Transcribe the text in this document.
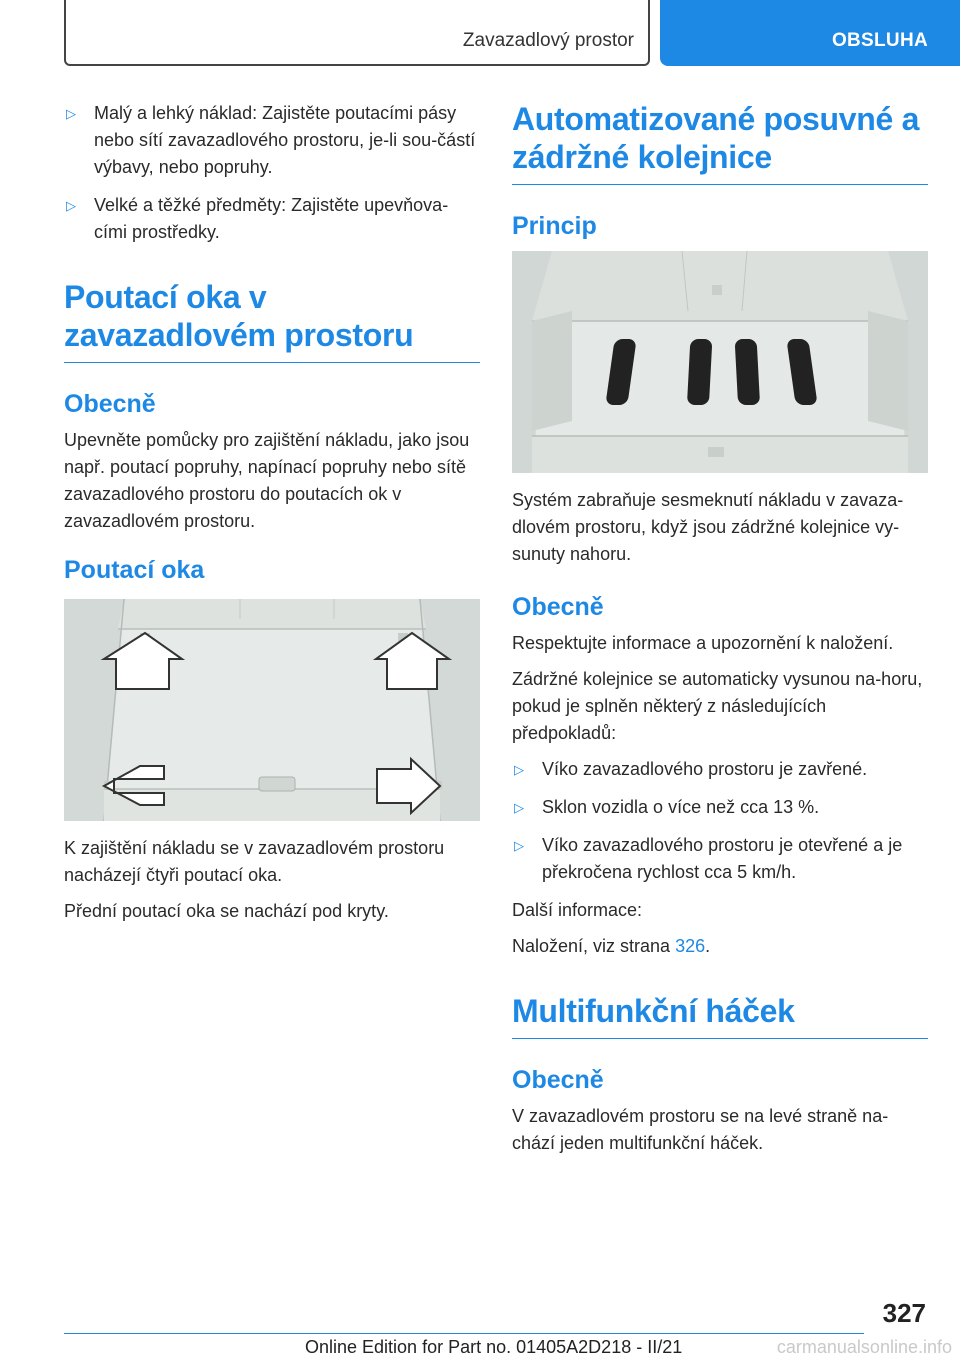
Zavazadlový prostor	OBSLUHA
▷ Malý a lehký náklad: Zajistěte poutacími pásy nebo sítí zavazadlového prostoru, je-li sou-částí výbavy, nebo popruhy.
▷ Velké a těžké předměty: Zajistěte upevňova-cími prostředky.
Poutací oka v zavazadlovém prostoru
Obecně

Upevněte pomůcky pro zajištění nákladu, jako jsou např. poutací popruhy, napínací popruhy nebo sítě zavazadlového prostoru do poutacích ok v zavazadlovém prostoru.

Poutací oka

K zajištění nákladu se v zavazadlovém prostoru nacházejí čtyři poutací oka.

Přední poutací oka se nachází pod kryty.

Automatizované posuvné a zádržné kolejnice
Princip

Systém zabraňuje sesmeknutí nákladu v zavaza-dlovém prostoru, když jsou zádržné kolejnice vy-sunuty nahoru.

Obecně

Respektujte informace a upozornění k naložení.

Zádržné kolejnice se automaticky vysunou na-horu, pokud je splněn některý z následujících předpokladů:

▷ Víko zavazadlového prostoru je zavřené.
▷ Sklon vozidla o více než cca 13 %.
▷ Víko zavazadlového prostoru je otevřené a je překročena rychlost cca 5 km/h.

Další informace:

Naložení, viz strana 326.

Multifunkční háček
Obecně

V zavazadlovém prostoru se na levé straně na-chází jeden multifunkční háček.

327
Online Edition for Part no. 01405A2D218 - II/21	carmanualsonline.info
